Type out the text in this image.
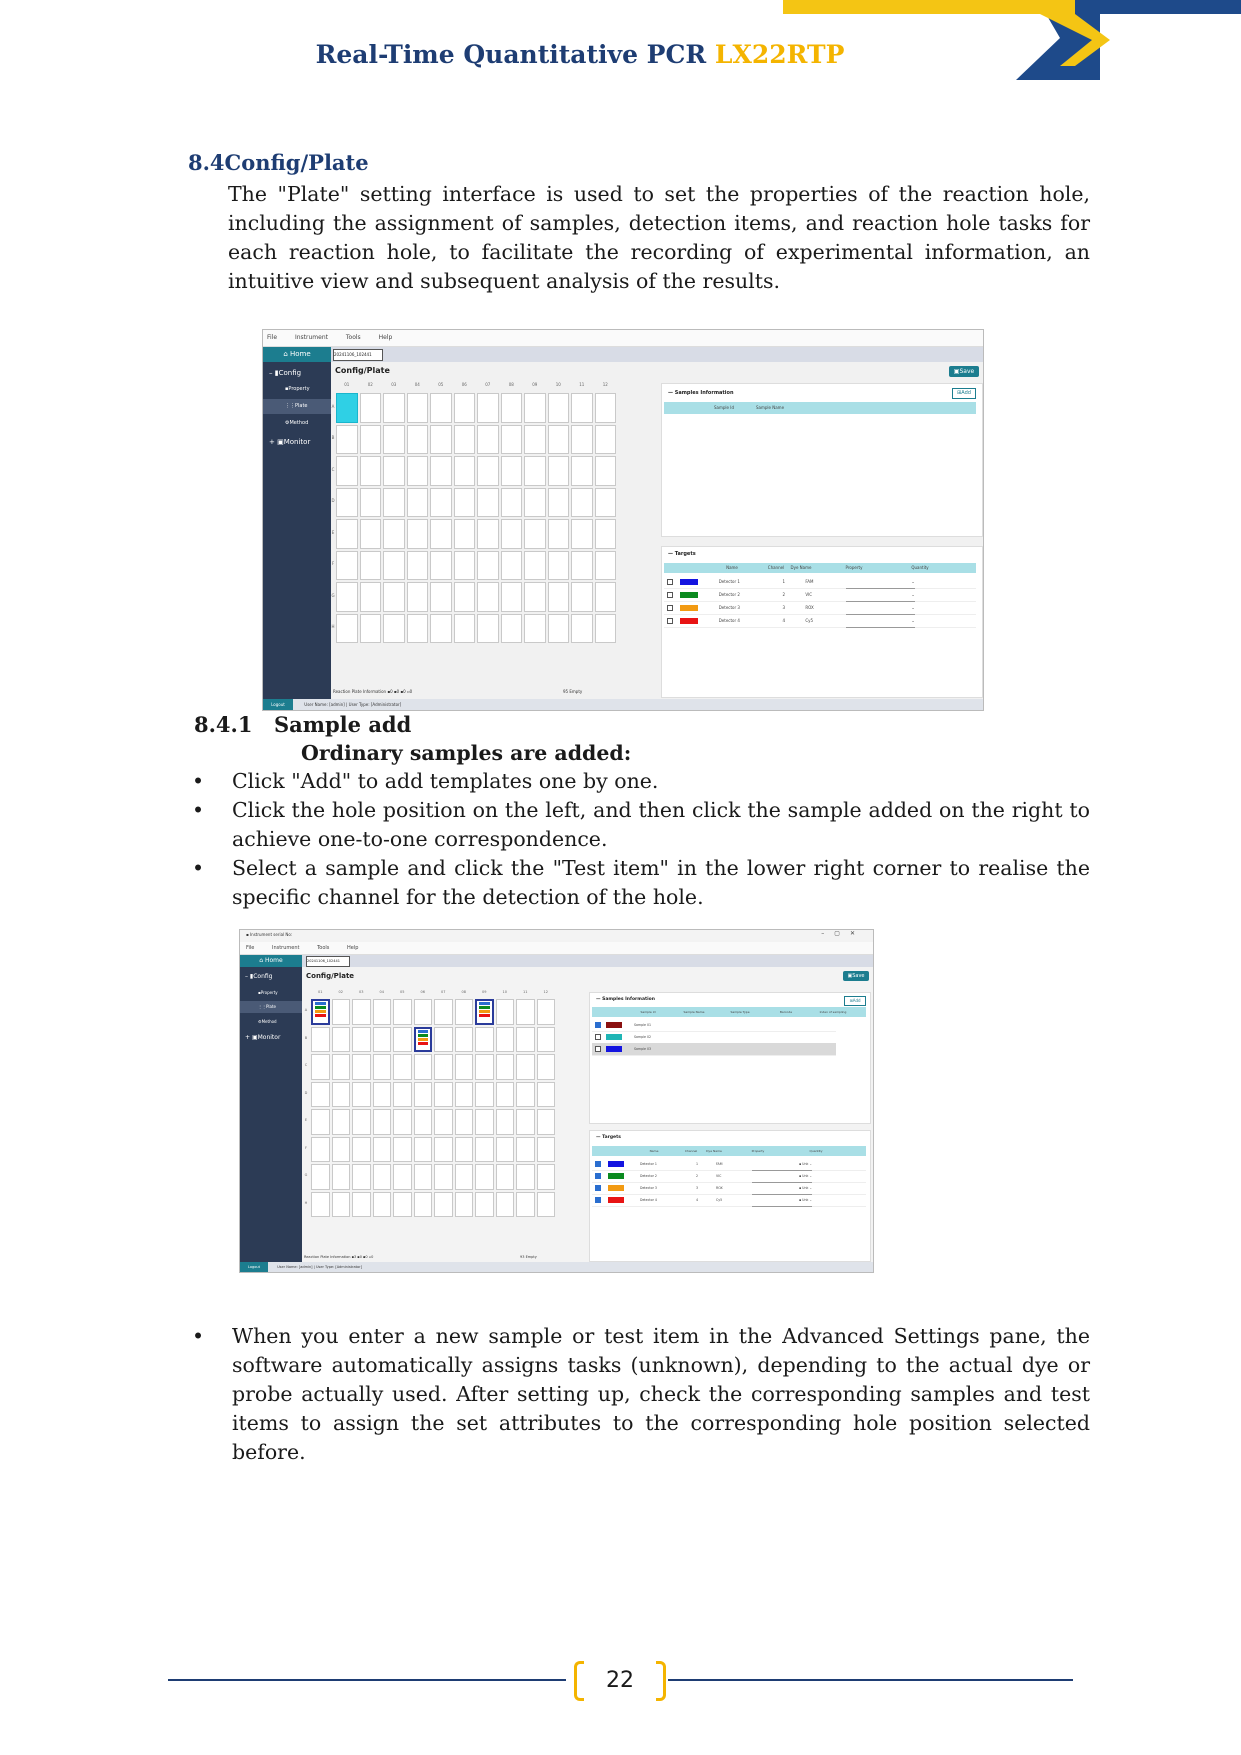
Real-Time Quantitative PCR LX22RTP
8.4Config/Plate
The "Plate" setting interface is used to set the properties of the reaction hole, including the assignment of samples, detection items, and reaction hole tasks for each reaction hole, to facilitate the recording of experimental information, an intuitive view and subsequent analysis of the results.
File	Instrument	Tools	Help
⌂ Home
– ▮Config
▪Property
⋮⋮Plate
⚙Method
+ ▣Monitor
20241106_102441
Config/Plate	▣Save
01	02	03	04	05	06	07	08	09	10	11	12
A
B
C
D
E
F
G
H
Reaction Plate Information ▪0 ▪0 ▪0 ▫0	95 Empty
— Samples Information	⊞Add
Sample Id	Sample Name
— Targets
Name	Channel	Dye Name	Property	Quantity
Detector 1	1	FAM	⌄
Detector 2	2	VIC	⌄
Detector 3	3	ROX	⌄
Detector 4	4	Cy5	⌄
Logout	User Name: [admin] | User Type: [Administrator]
8.4.1 Sample add
Ordinary samples are added:
•	Click "Add" to add templates one by one.
•	Click the hole position on the left, and then click the sample added on the right to achieve one-to-one correspondence.
•	Select a sample and click the "Test item" in the lower right corner to realise the specific channel for the detection of the hole.
▪ Instrument serial No:	–▢✕
File	Instrument	Tools	Help
⌂ Home
– ▮Config
▪Property
⋮⋮Plate
⚙Method
+ ▣Monitor
20241106_102441
Config/Plate	▣Save
01	02	03	04	05	06	07	08	09	10	11	12
A
B
C
D
E
F
G
H
Reaction Plate Information ▪3 ▪0 ▪0 ▫0	93 Empty
— Samples Information	⊞Add
Sample Id	Sample Name	Sample Type	Barcode	Index of sampling
Sample 01
Sample 02
Sample 03
— Targets
Name	Channel	Dye Name	Property	Quantity
Detector 1	1	FAM	▪ Unk ⌄
Detector 2	2	VIC	▪ Unk ⌄
Detector 3	3	ROX	▪ Unk ⌄
Detector 4	4	Cy5	▪ Unk ⌄
Logout	User Name: [admin] | User Type: [Administrator]
•	When you enter a new sample or test item in the Advanced Settings pane, the software automatically assigns tasks (unknown), depending to the actual dye or probe actually used. After setting up, check the corresponding samples and test items to assign the set attributes to the corresponding hole position selected before.
22
